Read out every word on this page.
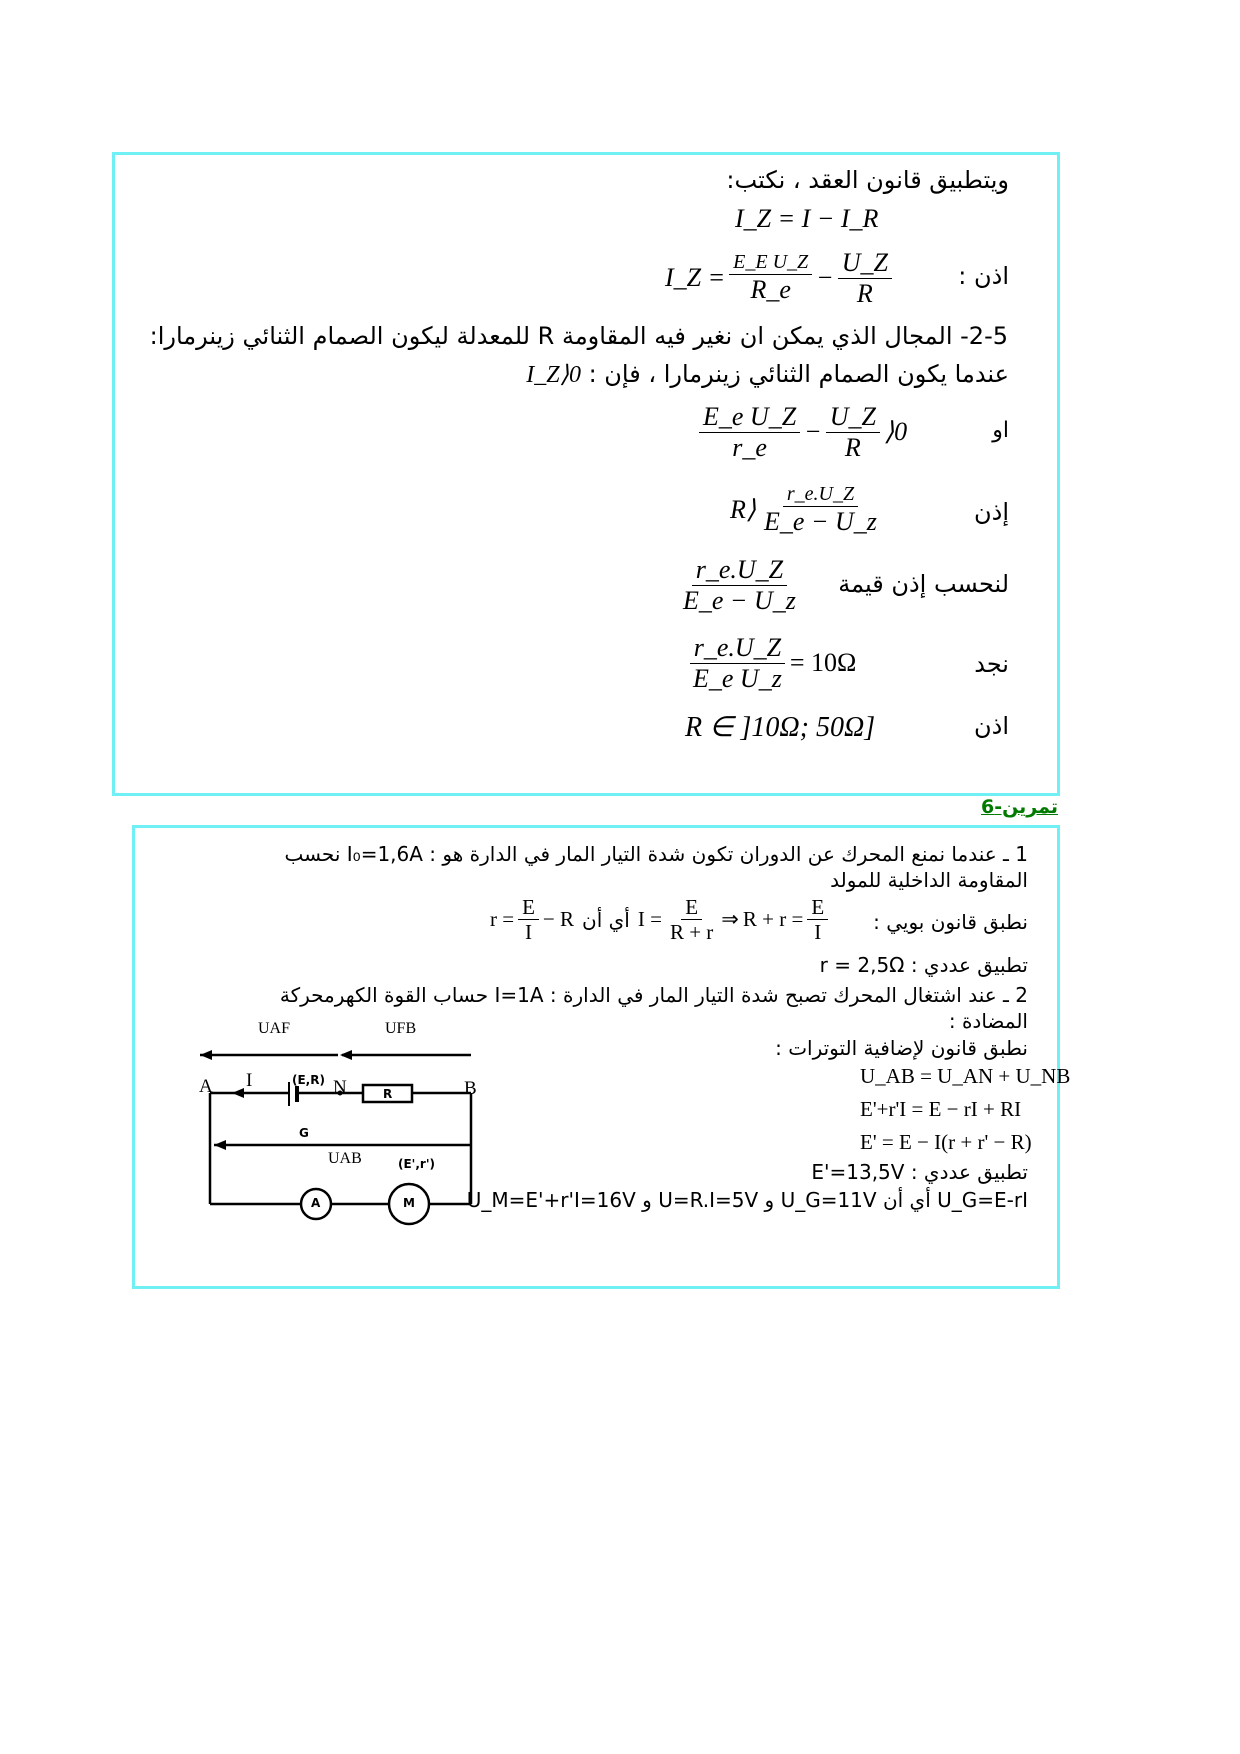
ويتطبيق قانون العقد ، نكتب:
I_Z = I − I_R
I_Z = $\frac{\text{E\_E U\_Z}}{R\_e} - \frac{U\_Z}{R}$	اذن :
2-5- المجال الذي يمكن ان نغير فيه المقاومة R للمعدلة ليكون الصمام الثنائي زينرمارا:
عندما يكون الصمام الثنائي زينرمارا ، فإن : I_Z⟩0
او
$\frac{\text{E\_e U\_Z}}{r\_e} - \frac{U\_Z}{R}$ ⟩0
إذن
R⟩ $\frac{r\_e.U\_Z}{E\_e - U\_z}$
لنحسب إذن قيمة
$\frac{r\_e.U\_Z}{E\_e - U\_z}$
نجد
$\frac{r\_e.U\_Z}{\text{E\_e U\_z}} = 10\Omega$
اذن
R ∈ ]10Ω; 50Ω]
تمرين-6
1 ـ عندما نمنع المحرك عن الدوران تكون شدة التيار المار في الدارة هو : I₀=1,6A نحسب
المقاومة الداخلية للمولد
نطبق قانون بويي :
$r = \frac{E}{I} - R$ أي أن $I = \frac{E}{R + r}$ ⇒ $R + r = \frac{E}{I}$
تطبيق عددي : r = 2,5Ω
2 ـ عند اشتغال المحرك تصبح شدة التيار المار في الدارة : I=1A حساب القوة الكهرمحركة
المضادة :
نطبق قانون لإضافية التوترات :
U_AB = U_AN + U_NB
E'+r'I = E − rI + RI
E' = E − I(r + r' − R)
تطبيق عددي : E'=13,5V
U_G=E-rI أي أن U_G=11V و U=R.I=5V و U_M=E'+r'I=16V
UAF	UFB
A	B
I	(E,R) N	R
G
UAB	(E',r')
A	M
